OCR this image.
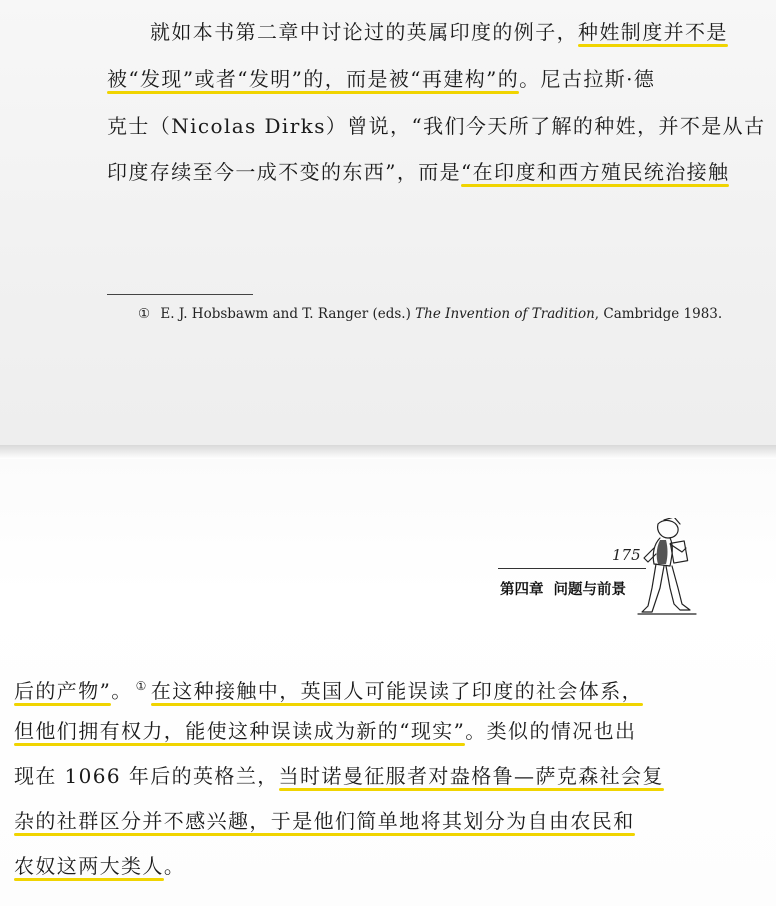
就如本书第二章中讨论过的英属印度的例子，种姓制度并不是

被“发现”或者“发明”的，而是被“再建构”的。尼古拉斯·德

克士（Nicolas Dirks）曾说，“我们今天所了解的种姓，并不是从古

印度存续至今一成不变的东西”，而是“在印度和西方殖民统治接触

① E. J. Hobsbawm and T. Ranger (eds.) The Invention of Tradition, Cambridge 1983.

175

第四章 问题与前景

后的产物”。 ① 在这种接触中，英国人可能误读了印度的社会体系，

但他们拥有权力，能使这种误读成为新的“现实”。类似的情况也出

现在 1066 年后的英格兰，当时诺曼征服者对盎格鲁—萨克森社会复

杂的社群区分并不感兴趣，于是他们简单地将其划分为自由农民和

农奴这两大类人。
